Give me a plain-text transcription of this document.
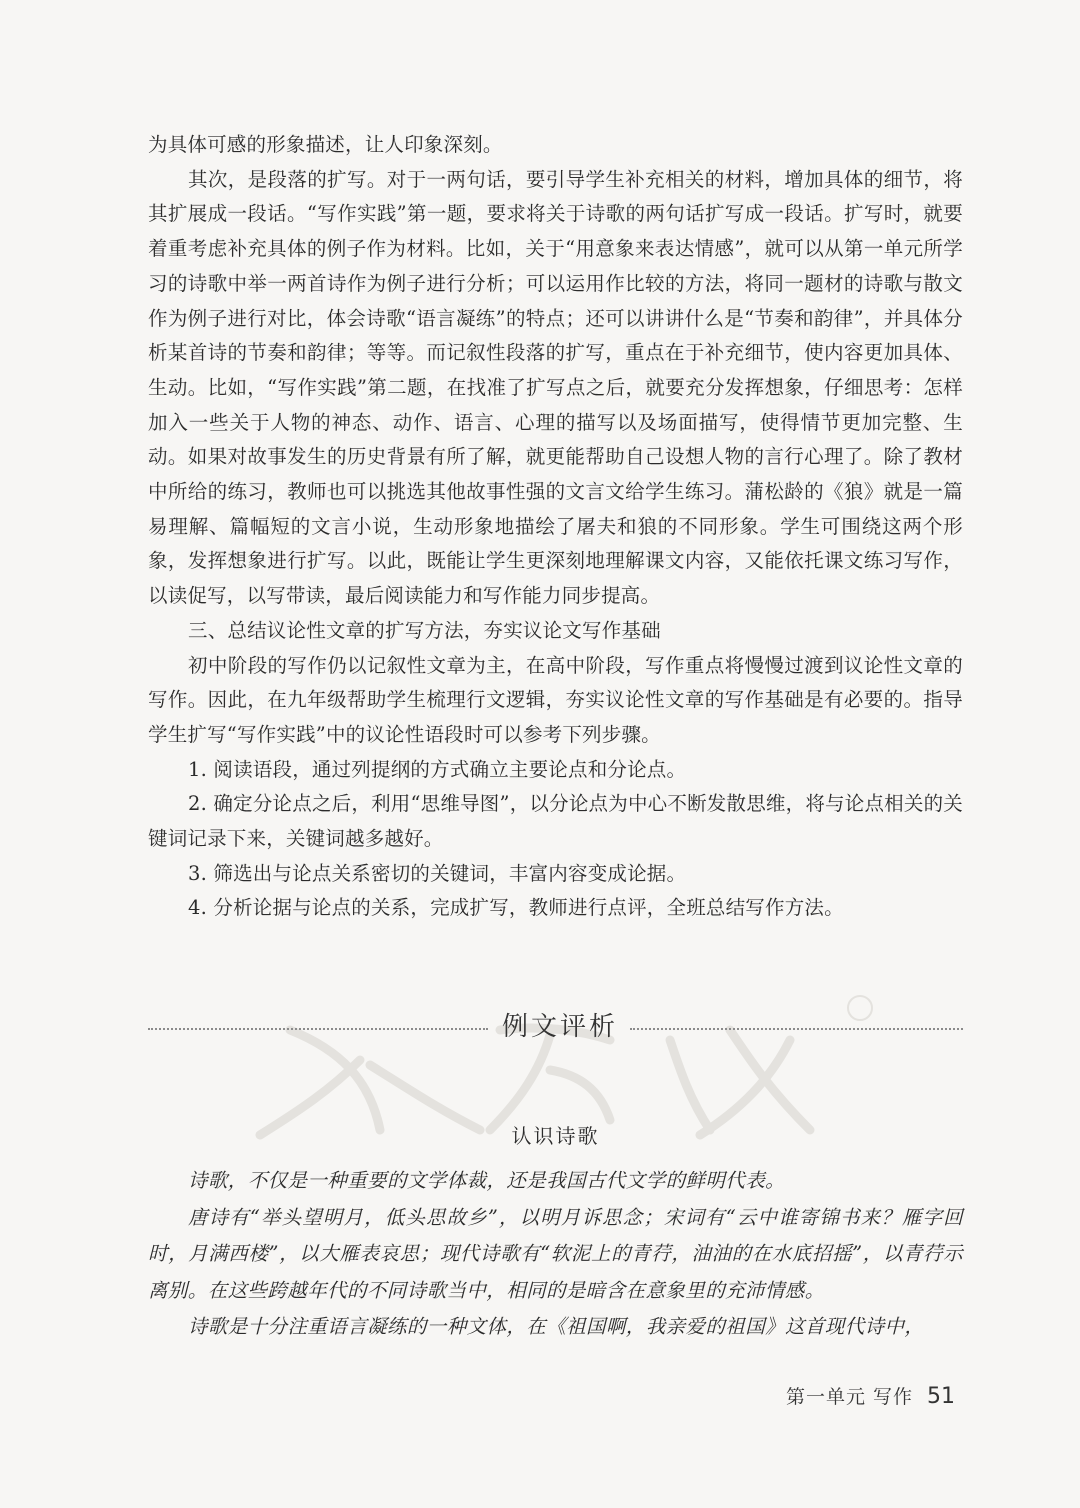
为具体可感的形象描述，让人印象深刻。

其次，是段落的扩写。对于一两句话，要引导学生补充相关的材料，增加具体的细节，将其扩展成一段话。“写作实践”第一题，要求将关于诗歌的两句话扩写成一段话。扩写时，就要着重考虑补充具体的例子作为材料。比如，关于“用意象来表达情感”，就可以从第一单元所学习的诗歌中举一两首诗作为例子进行分析；可以运用作比较的方法，将同一题材的诗歌与散文作为例子进行对比，体会诗歌“语言凝练”的特点；还可以讲讲什么是“节奏和韵律”，并具体分析某首诗的节奏和韵律；等等。而记叙性段落的扩写，重点在于补充细节，使内容更加具体、生动。比如，“写作实践”第二题，在找准了扩写点之后，就要充分发挥想象，仔细思考：怎样加入一些关于人物的神态、动作、语言、心理的描写以及场面描写，使得情节更加完整、生动。如果对故事发生的历史背景有所了解，就更能帮助自己设想人物的言行心理了。除了教材中所给的练习，教师也可以挑选其他故事性强的文言文给学生练习。蒲松龄的《狼》就是一篇易理解、篇幅短的文言小说，生动形象地描绘了屠夫和狼的不同形象。学生可围绕这两个形象，发挥想象进行扩写。以此，既能让学生更深刻地理解课文内容，又能依托课文练习写作，以读促写，以写带读，最后阅读能力和写作能力同步提高。

三、总结议论性文章的扩写方法，夯实议论文写作基础

初中阶段的写作仍以记叙性文章为主，在高中阶段，写作重点将慢慢过渡到议论性文章的写作。因此，在九年级帮助学生梳理行文逻辑，夯实议论性文章的写作基础是有必要的。指导学生扩写“写作实践”中的议论性语段时可以参考下列步骤。

1. 阅读语段，通过列提纲的方式确立主要论点和分论点。

2. 确定分论点之后，利用“思维导图”，以分论点为中心不断发散思维，将与论点相关的关键词记录下来，关键词越多越好。

3. 筛选出与论点关系密切的关键词，丰富内容变成论据。

4. 分析论据与论点的关系，完成扩写，教师进行点评，全班总结写作方法。

例文评析
认识诗歌

诗歌，不仅是一种重要的文学体裁，还是我国古代文学的鲜明代表。

唐诗有“举头望明月，低头思故乡”，以明月诉思念；宋词有“云中谁寄锦书来？雁字回时，月满西楼”，以大雁表哀思；现代诗歌有“软泥上的青荇，油油的在水底招摇”，以青荇示离别。在这些跨越年代的不同诗歌当中，相同的是暗含在意象里的充沛情感。

诗歌是十分注重语言凝练的一种文体，在《祖国啊，我亲爱的祖国》这首现代诗中，

第一单元 写作 51
